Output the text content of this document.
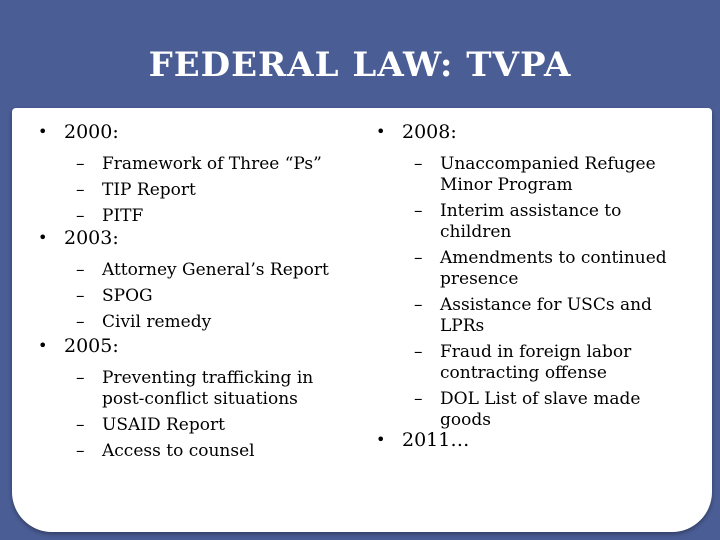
FEDERAL LAW: TVPA
• 2000:
– Framework of Three “Ps”
– TIP Report
– PITF
• 2003:
– Attorney General’s Report
– SPOG
– Civil remedy
• 2005:
– Preventing trafficking in post-conflict situations
– USAID Report
– Access to counsel
• 2008:
– Unaccompanied Refugee Minor Program
– Interim assistance to children
– Amendments to continued presence
– Assistance for USCs and LPRs
– Fraud in foreign labor contracting offense
– DOL List of slave made goods
• 2011…
